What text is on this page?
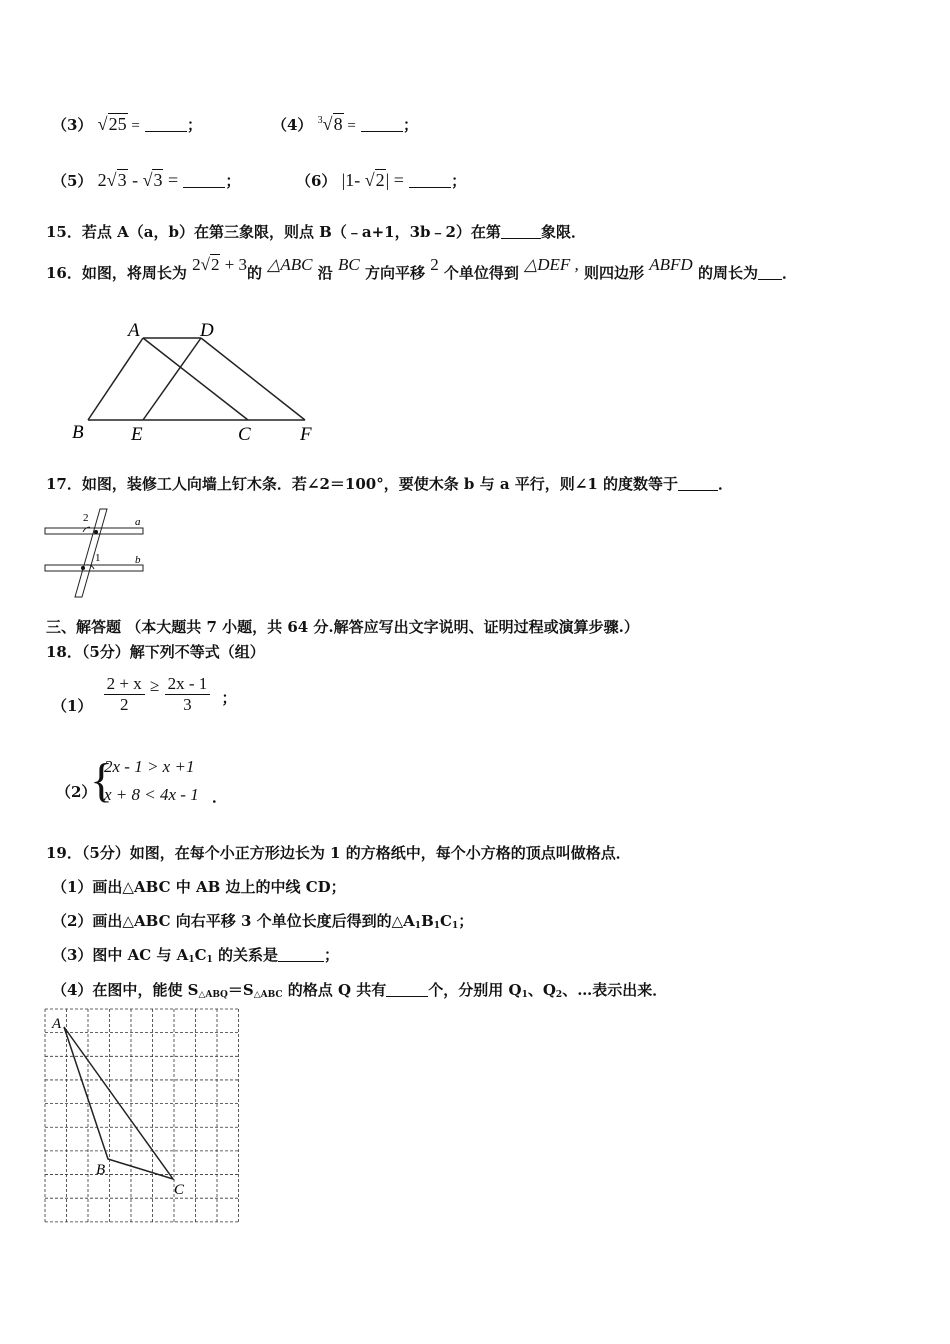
（3） √25 =	；	（4） $^3$√8 =	；
（5） 2√3 - √3 =	；	（6） |1- √2| =	；
15．若点 A（a，b）在第三象限，则点 B（﹣a+1，3b﹣2）在第	象限．
16．如图，将周长为 2√2 + 3的 △ABC 沿 BC 方向平移 2 个单位得到 △DEF , 则四边形 ABFD 的周长为 ．
A	D
B E	C	F
17．如图，装修工人向墙上钉木条．若∠2＝100°，要使木条 b 与 a 平行，则∠1 的度数等于	．
2
1
a
b
三、解答题 （本大题共 7 小题，共 64 分.解答应写出文字说明、证明过程或演算步骤.）
18．（5分）解下列不等式（组）
$(1) \frac{2 + x}{2} \ge \frac{2x - 1}{3}$ ；
（2）
{
2x - 1 > x +1
x + 8 < 4x - 1 ．
19．（5分）如图，在每个小正方形边长为 1 的方格纸中，每个小方格的顶点叫做格点．
（1）画出△ABC 中 AB 边上的中线 CD；
（2）画出△ABC 向右平移 3 个单位长度后得到的$\triangle A_1B_1C_1$；
（3）图中 AC 与 $A_1C_1$ 的关系是	；
（4）在图中，能使 $S_{\triangle ABQ}=S_{\triangle ABC}$ 的格点 Q 共有	个，分别用 $Q_1$、$Q_2$、…表示出来．
A
B
C
